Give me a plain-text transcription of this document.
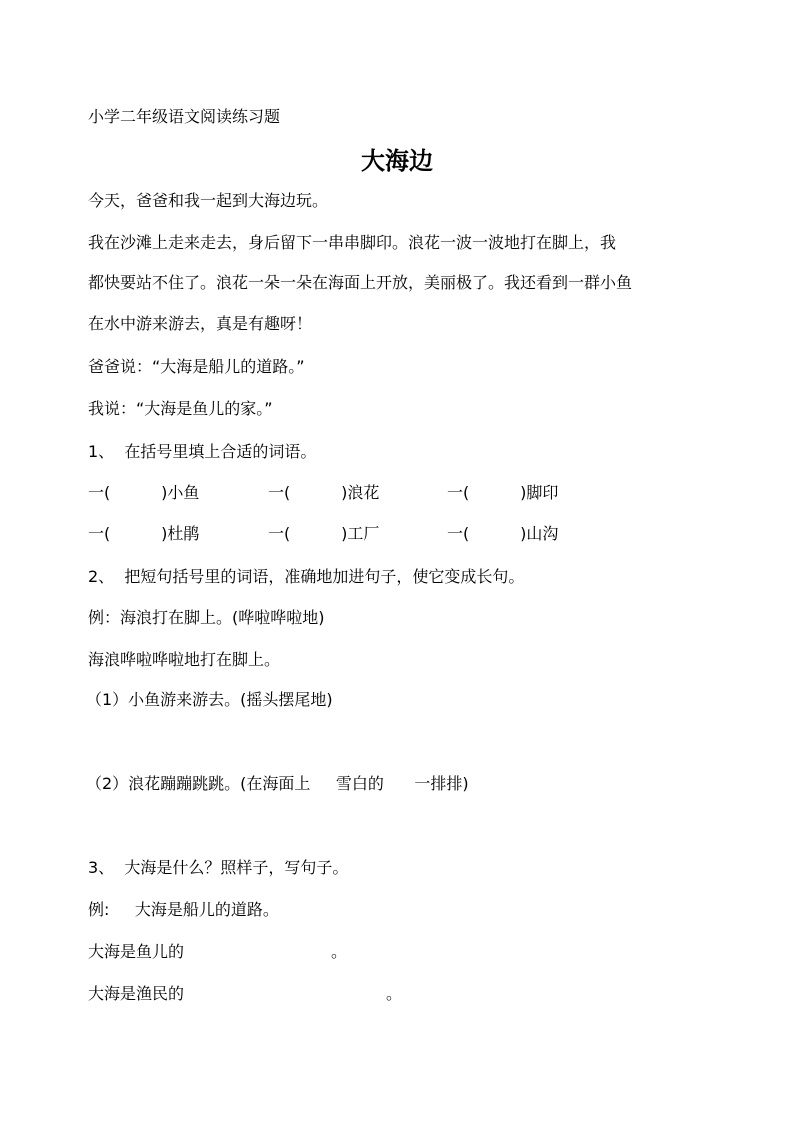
小学二年级语文阅读练习题
大海边
今天，爸爸和我一起到大海边玩。
我在沙滩上走来走去，身后留下一串串脚印。浪花一波一波地打在脚上，我
都快要站不住了。浪花一朵一朵在海面上开放，美丽极了。我还看到一群小鱼
在水中游来游去，真是有趣呀！
爸爸说：“大海是船儿的道路。”
我说：“大海是鱼儿的家。”
1、  在括号里填上合适的词语。
一(          )小鱼	一(          )浪花	一(          )脚印
一(          )杜鹃	一(          )工厂	一(          )山沟
2、  把短句括号里的词语，准确地加进句子，使它变成长句。
例：海浪打在脚上。(哗啦哗啦地)
海浪哗啦哗啦地打在脚上。
（1）小鱼游来游去。(摇头摆尾地)
（2）浪花蹦蹦跳跳。(在海面上     雪白的      一排排)
3、  大海是什么？照样子，写句子。
例:     大海是船儿的道路。
大海是鱼儿的	。
大海是渔民的	。
